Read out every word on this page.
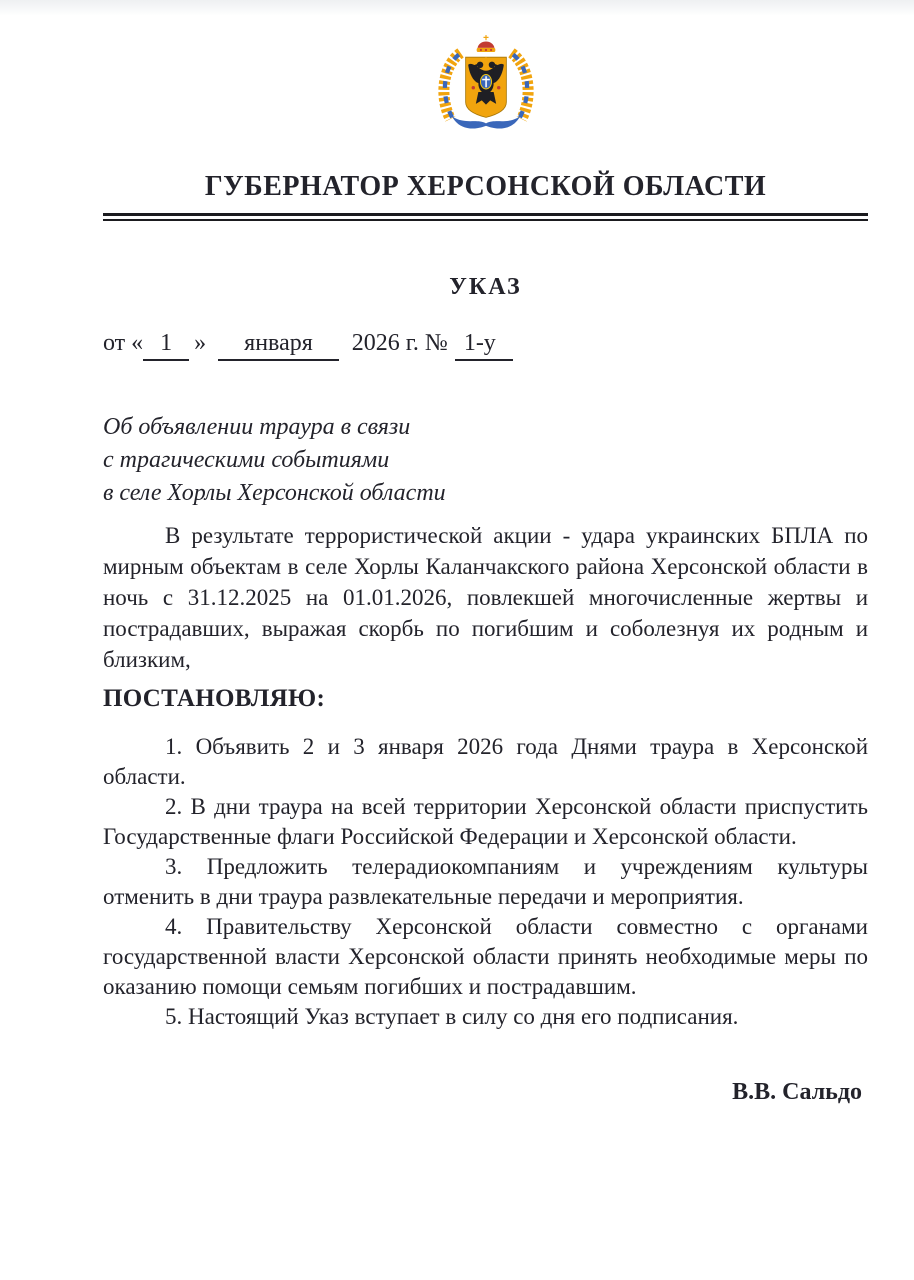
ГУБЕРНАТОР ХЕРСОНСКОЙ ОБЛАСТИ
УКАЗ
от « 1 » января 2026 г. № 1-у
Об объявлении траура в связи
с трагическими событиями
в селе Хорлы Херсонской области

В результате террористической акции - удара украинских БПЛА по мирным объектам в селе Хорлы Каланчакского района Херсонской области в ночь с 31.12.2025 на 01.01.2026, повлекшей многочисленные жертвы и пострадавших, выражая скорбь по погибшим и соболезнуя их родным и близким,

ПОСТАНОВЛЯЮ:

1. Объявить 2 и 3 января 2026 года Днями траура в Херсонской области.

2. В дни траура на всей территории Херсонской области приспустить Государственные флаги Российской Федерации и Херсонской области.

3. Предложить телерадиокомпаниям и учреждениям культуры отменить в дни траура развлекательные передачи и мероприятия.

4. Правительству Херсонской области совместно с органами государственной власти Херсонской области принять необходимые меры по оказанию помощи семьям погибших и пострадавшим.

5. Настоящий Указ вступает в силу со дня его подписания.

В.В. Сальдо
